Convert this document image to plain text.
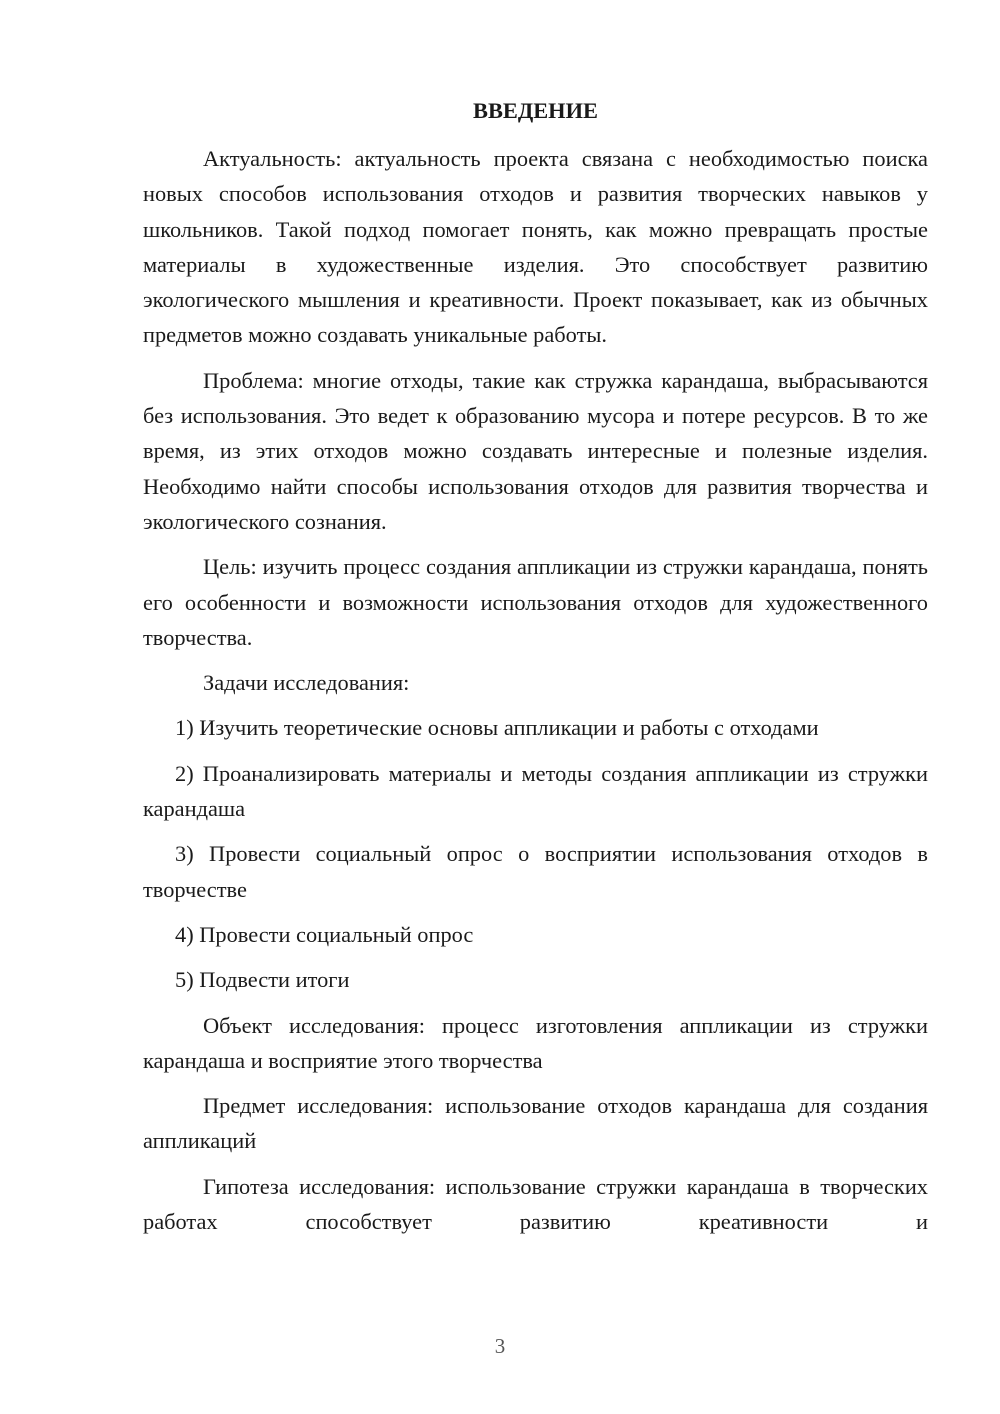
ВВЕДЕНИЕ

Актуальность: актуальность проекта связана с необходимостью поиска новых способов использования отходов и развития творческих навыков у школьников. Такой подход помогает понять, как можно превращать простые материалы в художественные изделия. Это способствует развитию экологического мышления и креативности. Проект показывает, как из обычных предметов можно создавать уникальные работы.

Проблема: многие отходы, такие как стружка карандаша, выбрасываются без использования. Это ведет к образованию мусора и потере ресурсов. В то же время, из этих отходов можно создавать интересные и полезные изделия. Необходимо найти способы использования отходов для развития творчества и экологического сознания.

Цель: изучить процесс создания аппликации из стружки карандаша, понять его особенности и возможности использования отходов для художественного творчества.

Задачи исследования:

1) Изучить теоретические основы аппликации и работы с отходами

2) Проанализировать материалы и методы создания аппликации из стружки карандаша

3) Провести социальный опрос о восприятии использования отходов в творчестве

4) Провести социальный опрос

5) Подвести итоги

Объект исследования: процесс изготовления аппликации из стружки карандаша и восприятие этого творчества

Предмет исследования: использование отходов карандаша для создания аппликаций

Гипотеза исследования: использование стружки карандаша в творческих работах способствует развитию креативности и

3
